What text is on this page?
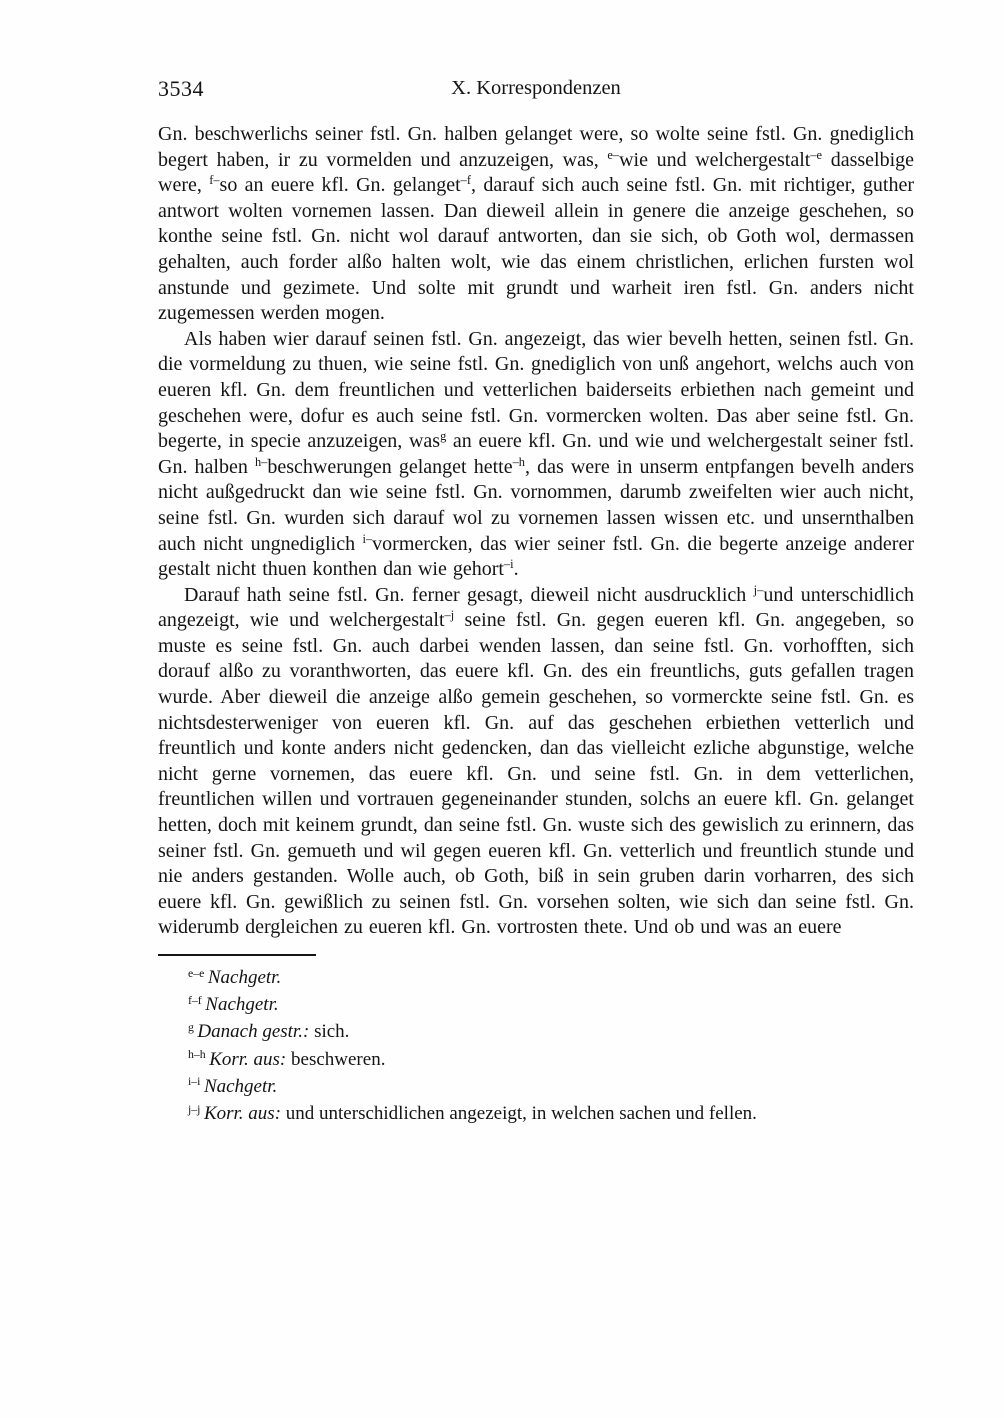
3534	X. Korrespondenzen

Gn. beschwerlichs seiner fstl. Gn. halben gelanget were, so wolte seine fstl. Gn. gnediglich begert haben, ir zu vormelden und anzuzeigen, was, $^{e-}$wie und welchergestalt$^{-e}$ dasselbige were, $^{f-}$so an euere kfl. Gn. gelanget$^{-f}$, darauf sich auch seine fstl. Gn. mit richtiger, guther antwort wolten vornemen lassen. Dan dieweil allein in genere die anzeige geschehen, so konthe seine fstl. Gn. nicht wol darauf antworten, dan sie sich, ob Goth wol, dermassen gehalten, auch forder alßo halten wolt, wie das einem christlichen, erlichen fursten wol anstunde und gezimete. Und solte mit grundt und warheit iren fstl. Gn. anders nicht zugemessen werden mogen.

Als haben wier darauf seinen fstl. Gn. angezeigt, das wier bevelh hetten, seinen fstl. Gn. die vormeldung zu thuen, wie seine fstl. Gn. gnediglich von unß angehort, welchs auch von eueren kfl. Gn. dem freuntlichen und vetterlichen baiderseits erbiethen nach gemeint und geschehen were, dofur es auch seine fstl. Gn. vormercken wolten. Das aber seine fstl. Gn. begerte, in specie anzuzeigen, was$^g$ an euere kfl. Gn. und wie und welchergestalt seiner fstl. Gn. halben $^{h-}$beschwerungen gelanget hette$^{-h}$, das were in unserm entpfangen bevelh anders nicht außgedruckt dan wie seine fstl. Gn. vornommen, darumb zweifelten wier auch nicht, seine fstl. Gn. wurden sich darauf wol zu vornemen lassen wissen etc. und unsernthalben auch nicht ungnediglich $^{i-}$vormercken, das wier seiner fstl. Gn. die begerte anzeige anderer gestalt nicht thuen konthen dan wie gehort$^{-i}$.

Darauf hath seine fstl. Gn. ferner gesagt, dieweil nicht ausdrucklich $^{j-}$und unterschidlich angezeigt, wie und welchergestalt$^{-j}$ seine fstl. Gn. gegen eueren kfl. Gn. angegeben, so muste es seine fstl. Gn. auch darbei wenden lassen, dan seine fstl. Gn. vorhofften, sich dorauf alßo zu voranthworten, das euere kfl. Gn. des ein freuntlichs, guts gefallen tragen wurde. Aber dieweil die anzeige alßo gemein geschehen, so vormerckte seine fstl. Gn. es nichtsdesterweniger von eueren kfl. Gn. auf das geschehen erbiethen vetterlich und freuntlich und konte anders nicht gedencken, dan das vielleicht ezliche abgunstige, welche nicht gerne vornemen, das euere kfl. Gn. und seine fstl. Gn. in dem vetterlichen, freuntlichen willen und vortrauen gegeneinander stunden, solchs an euere kfl. Gn. gelanget hetten, doch mit keinem grundt, dan seine fstl. Gn. wuste sich des gewislich zu erinnern, das seiner fstl. Gn. gemueth und wil gegen eueren kfl. Gn. vetterlich und freuntlich stunde und nie anders gestanden. Wolle auch, ob Goth, biß in sein gruben darin vorharren, des sich euere kfl. Gn. gewißlich zu seinen fstl. Gn. vorsehen solten, wie sich dan seine fstl. Gn. widerumb dergleichen zu eueren kfl. Gn. vortrosten thete. Und ob und was an euere

$^{e-e}$ Nachgetr.

$^{f-f}$ Nachgetr.

$^g$ Danach gestr.: sich.

$^{h-h}$ Korr. aus: beschweren.

$^{i-i}$ Nachgetr.

$^{j-j}$ Korr. aus: und unterschidlichen angezeigt, in welchen sachen und fellen.
